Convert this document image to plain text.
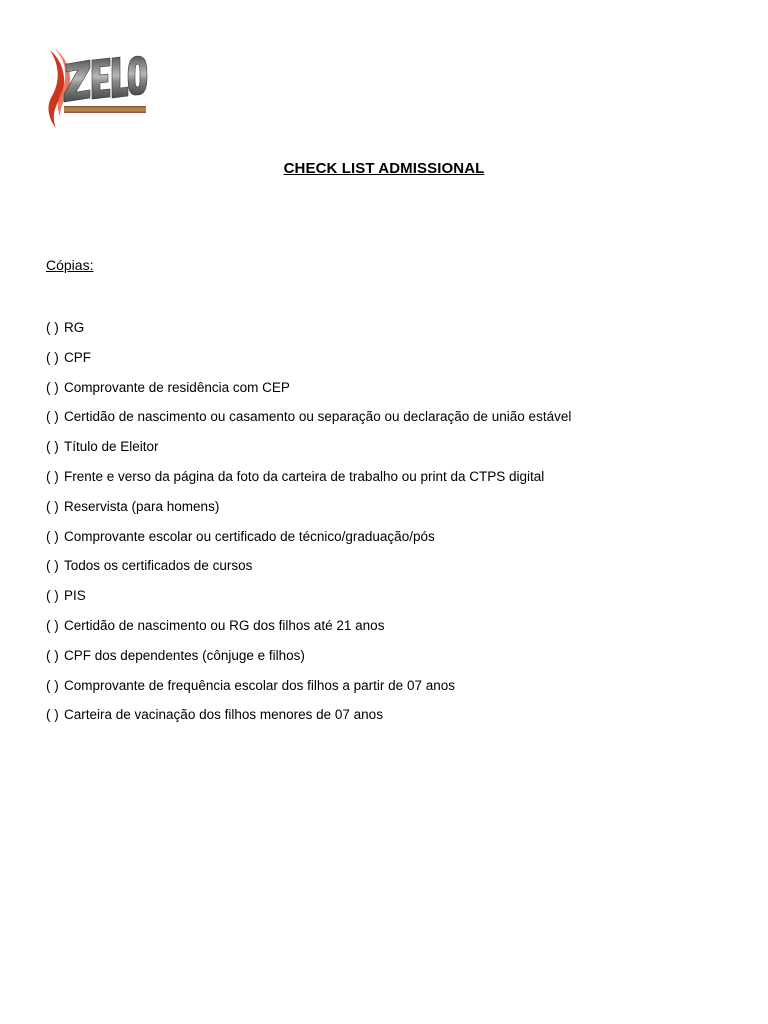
CHECK LIST ADMISSIONAL
Cópias:
( ) RG
( ) CPF
( ) Comprovante de residência com CEP
( ) Certidão de nascimento ou casamento ou separação ou declaração de união estável
( ) Título de Eleitor
( ) Frente e verso da página da foto da carteira de trabalho ou print da CTPS digital
( ) Reservista (para homens)
( ) Comprovante escolar ou certificado de técnico/graduação/pós
( ) Todos os certificados de cursos
( ) PIS
( ) Certidão de nascimento ou RG dos filhos até 21 anos
( ) CPF dos dependentes (cônjuge e filhos)
( ) Comprovante de frequência escolar dos filhos a partir de 07 anos
( ) Carteira de vacinação dos filhos menores de 07 anos
